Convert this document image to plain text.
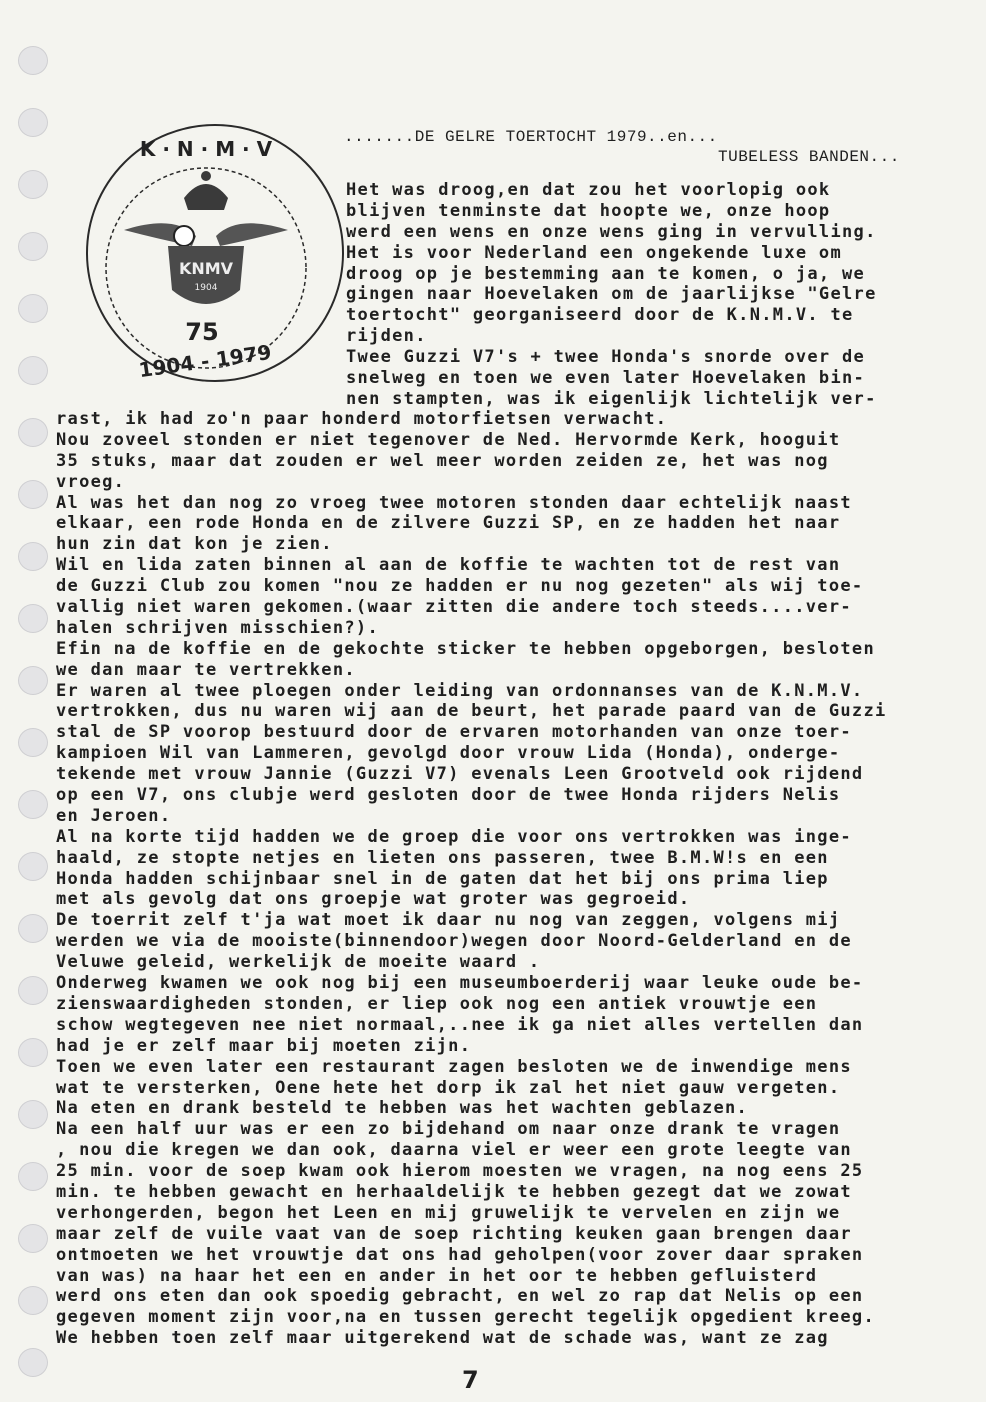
K · N · M · V
KNMV
1904
75
1904 - 1979
.......DE GELRE TOERTOCHT 1979..en...
TUBELESS BANDEN...
Het was droog,en dat zou het voorlopig ook
blijven tenminste dat hoopte we, onze hoop
werd een wens en onze wens ging in vervulling.
Het is voor Nederland een ongekende luxe om
droog op je bestemming aan te komen, o ja, we
gingen naar Hoevelaken om de jaarlijkse "Gelre
toertocht" georganiseerd door de K.N.M.V. te
rijden.
Twee Guzzi V7's + twee Honda's snorde over de
snelweg en toen we even later Hoevelaken bin-
nen stampten, was ik eigenlijk lichtelijk ver-
rast, ik had zo'n paar honderd motorfietsen verwacht.
Nou zoveel stonden er niet tegenover de Ned. Hervormde Kerk, hooguit
35 stuks, maar dat zouden er wel meer worden zeiden ze, het was nog
vroeg.
Al was het dan nog zo vroeg twee motoren stonden daar echtelijk naast
elkaar, een rode Honda en de zilvere Guzzi SP, en ze hadden het naar
hun zin dat kon je zien.
Wil en lida zaten binnen al aan de koffie te wachten tot de rest van
de Guzzi Club zou komen "nou ze hadden er nu nog gezeten" als wij toe-
vallig niet waren gekomen.(waar zitten die andere toch steeds....ver-
halen schrijven misschien?).
Efin na de koffie en de gekochte sticker te hebben opgeborgen, besloten
we dan maar te vertrekken.
Er waren al twee ploegen onder leiding van ordonnanses van de K.N.M.V.
vertrokken, dus nu waren wij aan de beurt, het parade paard van de Guzzi
stal de SP voorop bestuurd door de ervaren motorhanden van onze toer-
kampioen Wil van Lammeren, gevolgd door vrouw Lida (Honda), onderge-
tekende met vrouw Jannie (Guzzi V7) evenals Leen Grootveld ook rijdend
op een V7, ons clubje werd gesloten door de twee Honda rijders Nelis
en Jeroen.
Al na korte tijd hadden we de groep die voor ons vertrokken was inge-
haald, ze stopte netjes en lieten ons passeren, twee B.M.W!s en een
Honda hadden schijnbaar snel in de gaten dat het bij ons prima liep
met als gevolg dat ons groepje wat groter was gegroeid.
De toerrit zelf t'ja wat moet ik daar nu nog van zeggen, volgens mij
werden we via de mooiste(binnendoor)wegen door Noord-Gelderland en de
Veluwe geleid, werkelijk de moeite waard .
Onderweg kwamen we ook nog bij een museumboerderij waar leuke oude be-
zienswaardigheden stonden, er liep ook nog een antiek vrouwtje een
schow wegtegeven nee niet normaal,..nee ik ga niet alles vertellen dan
had je er zelf maar bij moeten zijn.
Toen we even later een restaurant zagen besloten we de inwendige mens
wat te versterken, Oene hete het dorp ik zal het niet gauw vergeten.
Na eten en drank besteld te hebben was het wachten geblazen.
Na een half uur was er een zo bijdehand om naar onze drank te vragen
, nou die kregen we dan ook, daarna viel er weer een grote leegte van
25 min. voor de soep kwam ook hierom moesten we vragen, na nog eens 25
min. te hebben gewacht en herhaaldelijk te hebben gezegt dat we zowat
verhongerden, begon het Leen en mij gruwelijk te vervelen en zijn we
maar zelf de vuile vaat van de soep richting keuken gaan brengen daar
ontmoeten we het vrouwtje dat ons had geholpen(voor zover daar spraken
van was) na haar het een en ander in het oor te hebben gefluisterd
werd ons eten dan ook spoedig gebracht, en wel zo rap dat Nelis op een
gegeven moment zijn voor,na en tussen gerecht tegelijk opgedient kreeg.
We hebben toen zelf maar uitgerekend wat de schade was, want ze zag
7
